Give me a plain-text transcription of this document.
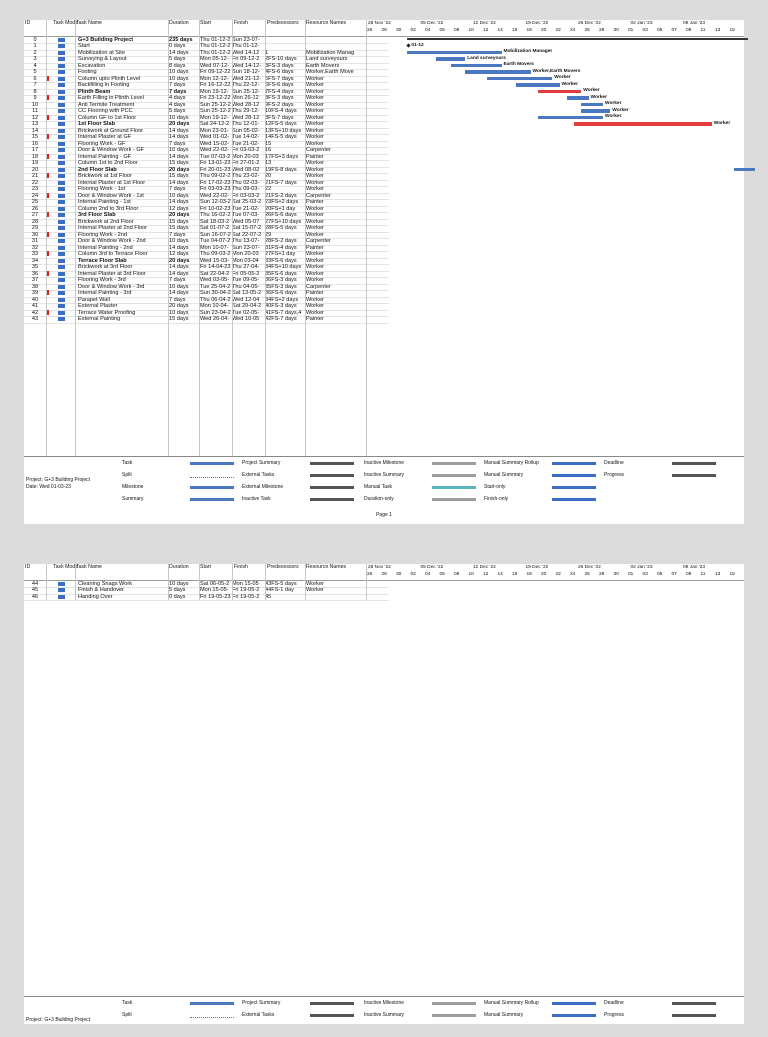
ID	Task Mode
Task Name	Duration	Start	Finish	Predecessors	Resource Names	28 Nov '22	05 Dec '22	12 Dec '22	19 Dec '22	26 Dec '22	02 Jan '23	09 Jan '23
26 28 30 02 04 06 08 10 12 14 16 18 20 22 24 26 28 30 01 03 05 07 09 11 13 15
0	G+3 Building Project	235 days	Thu 01-12-2 Sun 23-07-
1	Start	0 days	Thu 01-12-2 Thu 01-12-
2	Mobilization at Site	14 days	Thu 01-12-2 Wed 14-12	1	Mobilization Manag
3	Surveying & Layout	5 days	Mon 05-12- Fri 09-12-2	2FS-10 days	Land surveyours
4	Excavation	8 days	Wed 07-12- Wed 14-12- 3FS-3 days	Earth Movers
5	Footing	10 days	Fri 09-12-22 Sun 18-12- 4FS-6 days	Worker,Earth Move
6	Column upto Plinth Level	10 days	Mon 12-12- Wed 21-12- 5FS-7 days	Worker
7	Backfilling in Footing	7 days	Fri 16-12-22 Thu 22-12-	6FS-6 days	Worker
8	Plinth Beam	7 days	Mon 19-12- Sun 25-12- 7FS-4 days	Worker
9	Earth Filling in Plinth Level	4 days	Fri 23-12-22 Mon 26-12	8FS-3 days	Worker
10	Anti Termite Treatment	4 days	Sun 25-12-2 Wed 28-12	9FS-2 days	Worker
11	CC Flooring with PCC	5 days	Sun 25-12-2 Thu 29-12-	10FS-4 days	Worker
12	Column GF to 1st Floor	10 days	Mon 19-12- Wed 28-12	8FS-7 days	Worker
13	1st Floor Slab	20 days	Sat 24-12-2 Thu 12-01-	12FS-5 days	Worker
14	Brickwork at Ground Floor	14 days	Mon 23-01- Sun 05-02- 13FS+10 days Worker
15	Internal Plaster at GF	14 days	Wed 01-02- Tue 14-02-	14FS-5 days	Worker
16	Flooring Work - GF	7 days	Wed 15-02- Tue 21-02-	15	Worker
17	Door & Window Work - GF	10 days	Wed 22-02- Fri 03-03-2	16	Carpenter
18	Internal Painting - GF	14 days	Tue 07-03-2 Mon 20-03	17FS+3 days	Painter
19	Column 1st to 2nd Floor	15 days	Fri 13-01-23 Fri 27-01-2	13	Worker
20	2nd Floor Slab	20 days	Fri 20-01-23 Wed 08-02	19FS-8 days	Worker
21	Brickwork at 1st Floor	15 days	Thu 09-02-2 Thu 23-02-	20	Worker
22	Internal Plaster at 1st Floor	14 days	Fri 17-02-23 Thu 02-03-	21FS-7 days	Worker
23	Flooring Work - 1st	7 days	Fri 03-03-23 Thu 09-03-	22	Worker
24	Door & Window Work - 1st	10 days	Wed 22-02- Fri 03-03-2	21FS-2 days	Carpenter
25	Internal Painting - 1st	14 days	Sun 12-03-2 Sat 25-03-2 23FS+2 days	Painter
26	Column 2nd to 3rd Floor	12 days	Fri 10-02-23 Tue 21-02-	20FS+1 day	Worker
27	3rd Floor Slab	20 days	Thu 16-02-2 Tue 07-03-	26FS-6 days	Worker
28	Brickwork at 2nd Floor	15 days	Sat 18-03-2 Wed 05-07	27FS+10 days Worker
29	Internal Plaster at 2nd Floor	15 days	Sat 01-07-2 Sat 15-07-2 28FS-5 days	Worker
30	Flooring Work - 2nd	7 days	Sun 16-07-2 Sat 22-07-2 29	Worker
31	Door & Window Work - 2nd	10 days	Tue 04-07-2 Thu 13-07-	28FS-2 days	Carpenter
32	Internal Painting - 2nd	14 days	Mon 10-07- Sun 23-07- 31FS-4 days	Painter
33	Column 3rd to Terrace Floor	12 days	Thu 09-03-2 Mon 20-03	27FS+1 day	Worker
34	Terrace Floor Slab	20 days	Wed 15-03- Mon 03-04	33FS-6 days	Worker
35	Brickwork at 3rd Floor	14 days	Fri 14-04-23 Thu 27-04-	34FS+10 days Worker
36	Internal Plaster at 3rd Floor	14 days	Sat 22-04-2 Fri 05-05-2	35FS-6 days	Worker
37	Flooring Work - 3rd	7 days	Wed 03-05- Tue 09-05-	36FS-3 days	Worker
38	Door & Window Work - 3rd	10 days	Tue 25-04-2 Thu 04-05-	35FS-3 days	Carpenter
39	Internal Painting - 3rd	14 days	Sun 30-04-2 Sat 13-05-2 36FS-6 days	Painter
40	Parapet Wall	7 days	Thu 06-04-2 Wed 12-04	34FS+2 days	Worker
41	External Plaster	20 days	Mon 10-04- Sat 29-04-2 40FS-3 days	Worker
42	Terrace Water Proofing	10 days	Sun 23-04-2 Tue 02-05-	41FS-7 days,4 Worker
43	External Painting	15 days	Wed 26-04- Wed 10-05	42FS-7 days	Painter
01-12
Mobilization Manager
Land surveyours
Earth Movers
Worker,Earth Movers
Worker
Worker
Worker
Worker
Worker
Worker
Worker
Worker
Project: G+3 Building Project
Date: Wed 01-03-23
Task	Project Summary	Inactive Milestone	Manual Summary Rollup	Deadline
Split	External Tasks	Inactive Summary	Manual Summary	Progress
Milestone	External Milestone	Manual Task	Start-only
Summary	Inactive Task	Duration-only	Finish-only
Page 1
ID	Task Mode
Task Name	Duration	Start	Finish	Predecessors	Resource Names	28 Nov '22	05 Dec '22	12 Dec '22	19 Dec '22	26 Dec '22	02 Jan '23	09 Jan '23
26 28 30 02 04 06 08 10 12 14 16 18 20 22 24 26 28 30 01 03 05 07 09 11 13 15
44	Cleaning Snags Work	10 days	Sat 06-05-2 Mon 15-05	43FS-5 days	Worker
45	Finish & Handover	5 days	Mon 15-05- Fri 19-05-2	44FS-1 day	Worker
46	Handing Over	0 days	Fri 19-05-23 Fri 19-05-2	45
Project: G+3 Building Project
Task	Project Summary	Inactive Milestone	Manual Summary Rollup	Deadline
Split	External Tasks	Inactive Summary	Manual Summary	Progress
